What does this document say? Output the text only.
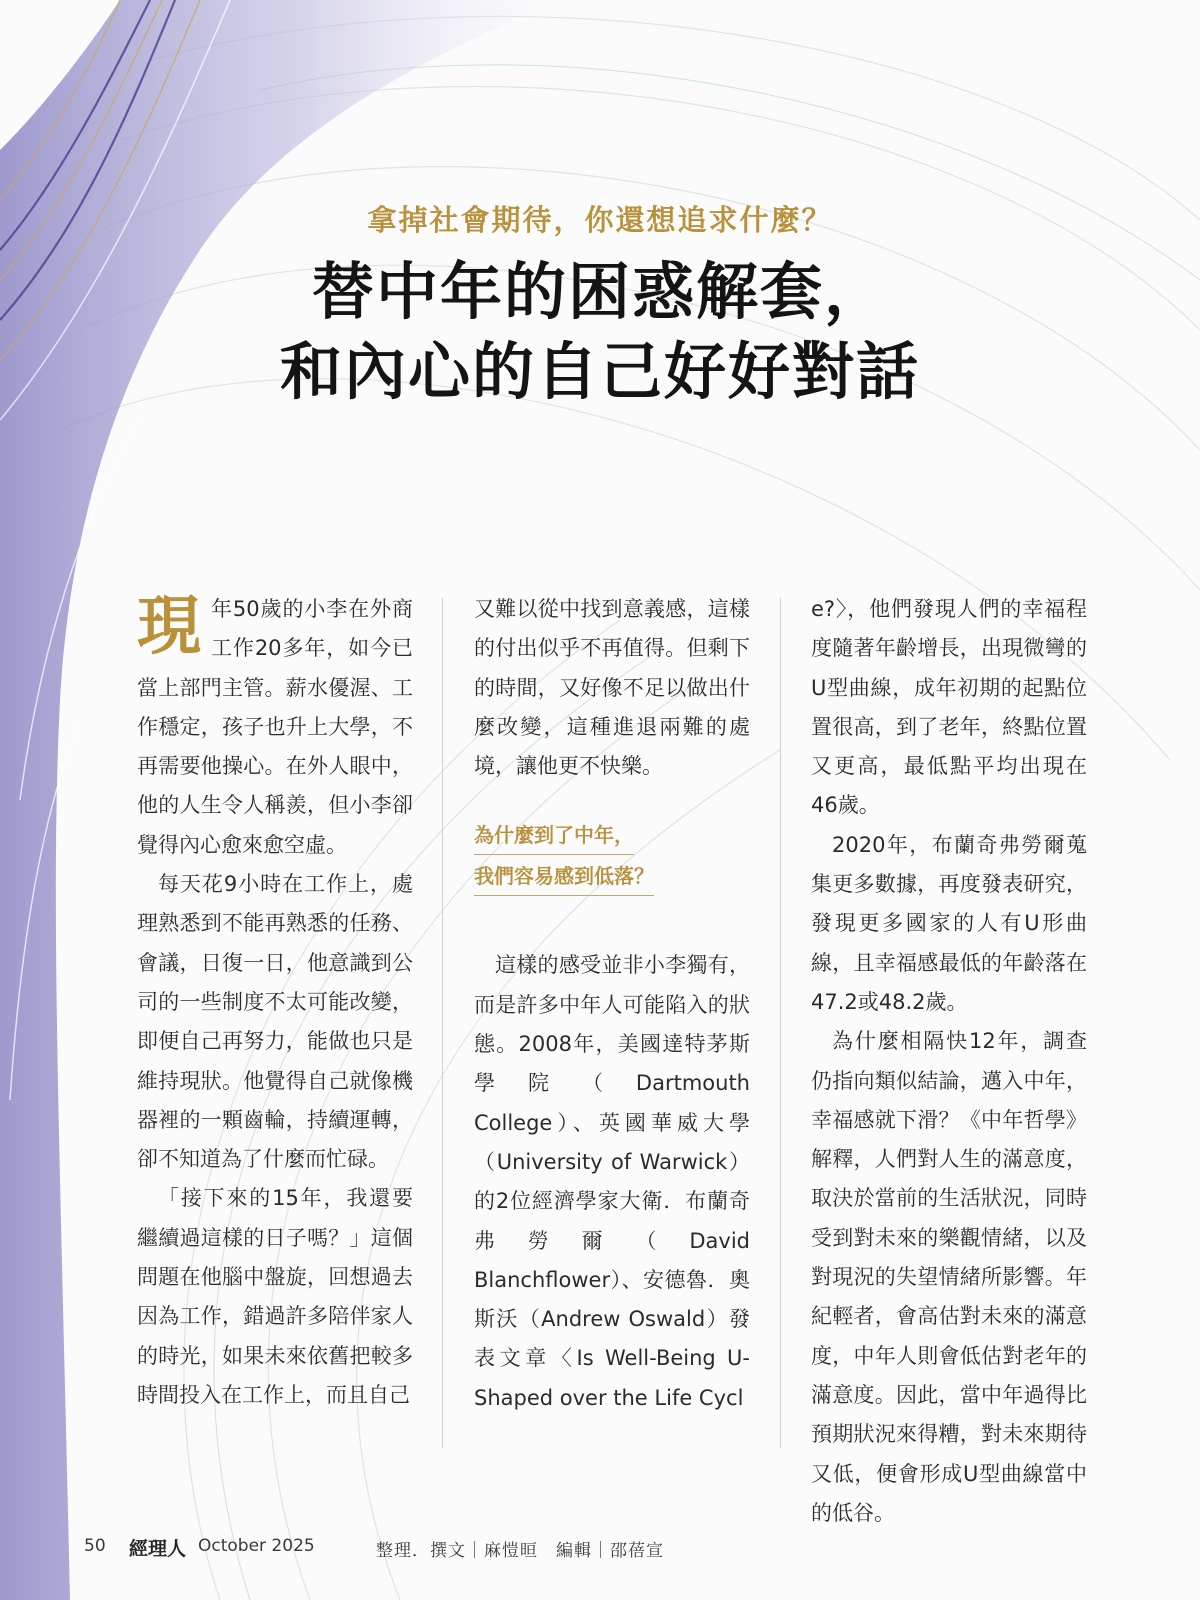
拿掉社會期待，你還想追求什麼？
替中年的困惑解套，
和內心的自己好好對話

現年50歲的小李在外商工作20多年，如今已當上部門主管。薪水優渥、工作穩定，孩子也升上大學，不再需要他操心。在外人眼中，他的人生令人稱羨，但小李卻覺得內心愈來愈空虛。

每天花9小時在工作上，處理熟悉到不能再熟悉的任務、會議，日復一日，他意識到公司的一些制度不太可能改變，即便自己再努力，能做也只是維持現狀。他覺得自己就像機器裡的一顆齒輪，持續運轉，卻不知道為了什麼而忙碌。

「接下來的15年，我還要繼續過這樣的日子嗎？」這個問題在他腦中盤旋，回想過去因為工作，錯過許多陪伴家人的時光，如果未來依舊把較多時間投入在工作上，而且自己

又難以從中找到意義感，這樣的付出似乎不再值得。但剩下的時間，又好像不足以做出什麼改變，這種進退兩難的處境，讓他更不快樂。

為什麼到了中年，
我們容易感到低落？

這樣的感受並非小李獨有，而是許多中年人可能陷入的狀態。2008年，美國達特茅斯學院（Dartmouth College）、英國華威大學（University of Warwick）的2位經濟學家大衛．布蘭奇弗勞爾（David Blanchflower）、安德魯．奧斯沃（Andrew Oswald）發表文章〈Is Well-Being U-Shaped over the Life Cycl

e?〉，他們發現人們的幸福程度隨著年齡增長，出現微彎的U型曲線，成年初期的起點位置很高，到了老年，終點位置又更高，最低點平均出現在46歲。

2020年，布蘭奇弗勞爾蒐集更多數據，再度發表研究，發現更多國家的人有U形曲線，且幸福感最低的年齡落在47.2或48.2歲。

為什麼相隔快12年，調查仍指向類似結論，邁入中年，幸福感就下滑？《中年哲學》解釋，人們對人生的滿意度，取決於當前的生活狀況，同時受到對未來的樂觀情緒，以及對現況的失望情緒所影響。年紀輕者，會高估對未來的滿意度，中年人則會低估對老年的滿意度。因此，當中年過得比預期狀況來得糟，對未來期待又低，便會形成U型曲線當中的低谷。

50 經理人 October 2025	整理．撰文｜麻愷晅　編輯｜邵蓓宣
